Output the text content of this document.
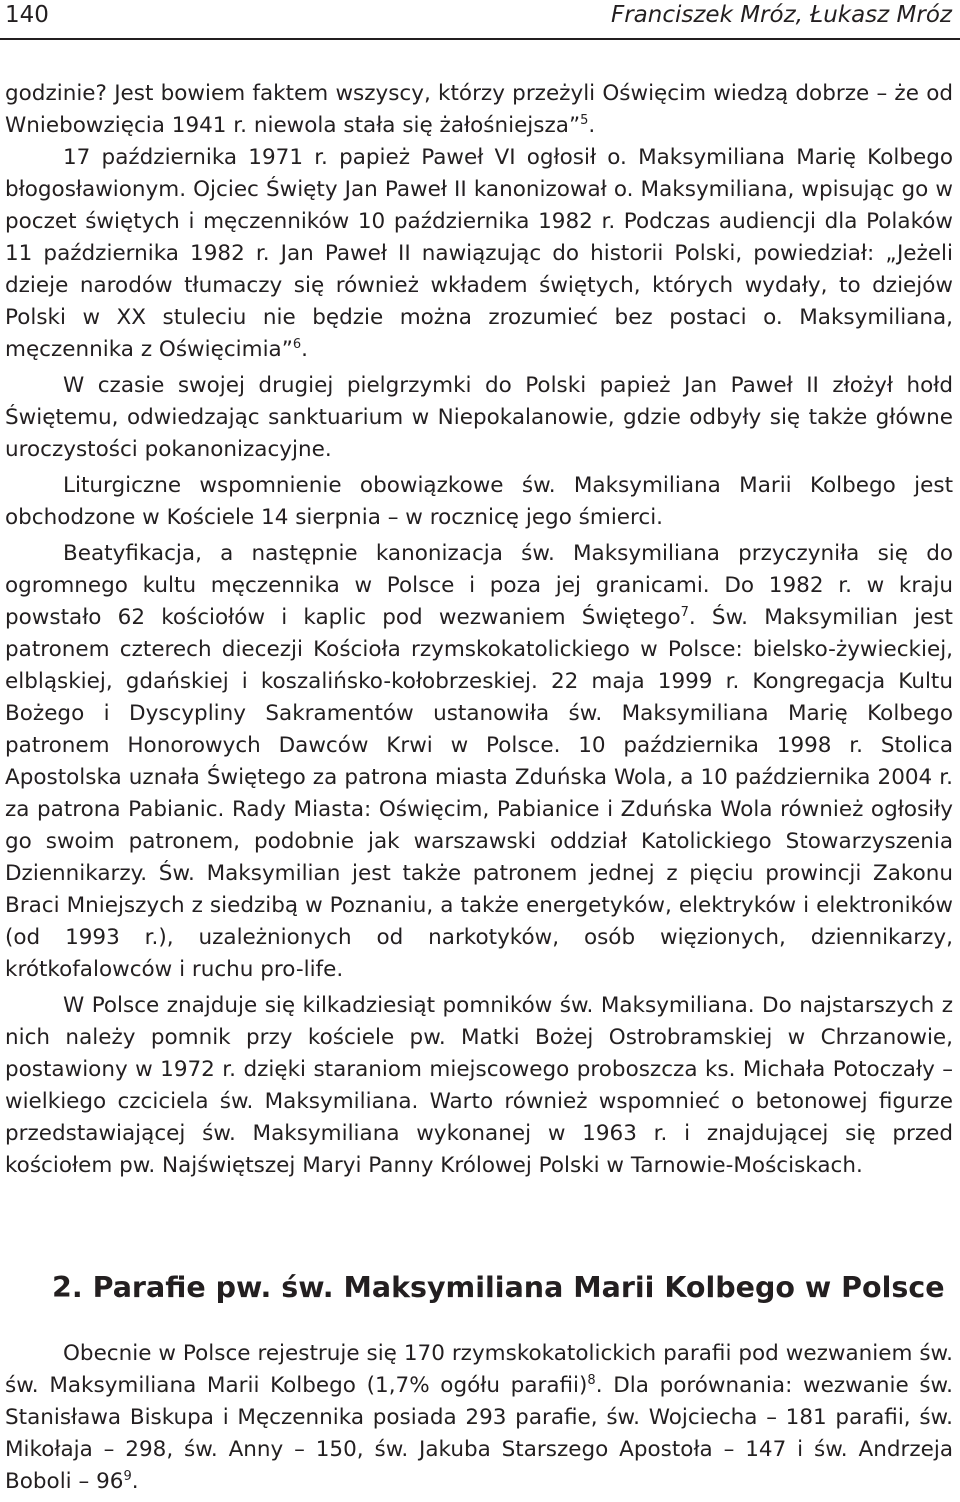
140	Franciszek Mróz, Łukasz Mróz

godzinie? Jest bowiem faktem wszyscy, którzy przeżyli Oświęcim wiedzą dobrze – że od Wniebowzięcia 1941 r. niewola stała się żałośniejsza”$^5$.

17 października 1971 r. papież Paweł VI ogłosił o. Maksymiliana Marię Kolbego błogosławionym. Ojciec Święty Jan Paweł II kanonizował o. Maksymiliana, wpisując go w poczet świętych i męczenników 10 października 1982 r. Podczas audiencji dla Polaków 11 października 1982 r. Jan Paweł II nawiązując do historii Polski, powiedział: „Jeżeli dzieje narodów tłumaczy się również wkładem świętych, których wydały, to dziejów Polski w XX stuleciu nie będzie można zrozumieć bez postaci o. Maksymiliana, męczennika z Oświęcimia”$^6$.

W czasie swojej drugiej pielgrzymki do Polski papież Jan Paweł II złożył hołd Świętemu, odwiedzając sanktuarium w Niepokalanowie, gdzie odbyły się także główne uroczystości pokanonizacyjne.

Liturgiczne wspomnienie obowiązkowe św. Maksymiliana Marii Kolbego jest obchodzone w Kościele 14 sierpnia – w rocznicę jego śmierci.

Beatyfikacja, a następnie kanonizacja św. Maksymiliana przyczyniła się do ogromnego kultu męczennika w Polsce i poza jej granicami. Do 1982 r. w kraju powstało 62 kościołów i kaplic pod wezwaniem Świętego$^7$. Św. Maksymilian jest patronem czterech diecezji Kościoła rzymskokatolickiego w Polsce: bielsko-żywieckiej, elbląskiej, gdańskiej i koszalińsko-kołobrzeskiej. 22 maja 1999 r. Kongregacja Kultu Bożego i Dyscypliny Sakramentów ustanowiła św. Maksymiliana Marię Kolbego patronem Honorowych Dawców Krwi w Polsce. 10 października 1998 r. Stolica Apostolska uznała Świętego za patrona miasta Zduńska Wola, a 10 października 2004 r. za patrona Pabianic. Rady Miasta: Oświęcim, Pabianice i Zduńska Wola również ogłosiły go swoim patronem, podobnie jak warszawski oddział Katolickiego Stowarzyszenia Dziennikarzy. Św. Maksymilian jest także patronem jednej z pięciu prowincji Zakonu Braci Mniejszych z siedzibą w Poznaniu, a także energetyków, elektryków i elektroników (od 1993 r.), uzależnionych od narkotyków, osób więzionych, dziennikarzy, krótkofalowców i ruchu pro-life.

W Polsce znajduje się kilkadziesiąt pomników św. Maksymiliana. Do najstarszych z nich należy pomnik przy kościele pw. Matki Bożej Ostrobramskiej w Chrzanowie, postawiony w 1972 r. dzięki staraniom miejscowego proboszcza ks. Michała Potoczały – wielkiego czciciela św. Maksymiliana. Warto również wspomnieć o betonowej figurze przedstawiającej św. Maksymiliana wykonanej w 1963 r. i znajdującej się przed kościołem pw. Najświętszej Maryi Panny Królowej Polski w Tarnowie-Mościskach.

2. Parafie pw. św. Maksymiliana Marii Kolbego w Polsce

Obecnie w Polsce rejestruje się 170 rzymskokatolickich parafii pod wezwaniem św. św. Maksymiliana Marii Kolbego (1,7% ogółu parafii)$^8$. Dla porównania: wezwanie św. Stanisława Biskupa i Męczennika posiada 293 parafie, św. Wojciecha – 181 parafii, św. Mikołaja – 298, św. Anny – 150, św. Jakuba Starszego Apostoła – 147 i św. Andrzeja Boboli – $96^9$.
